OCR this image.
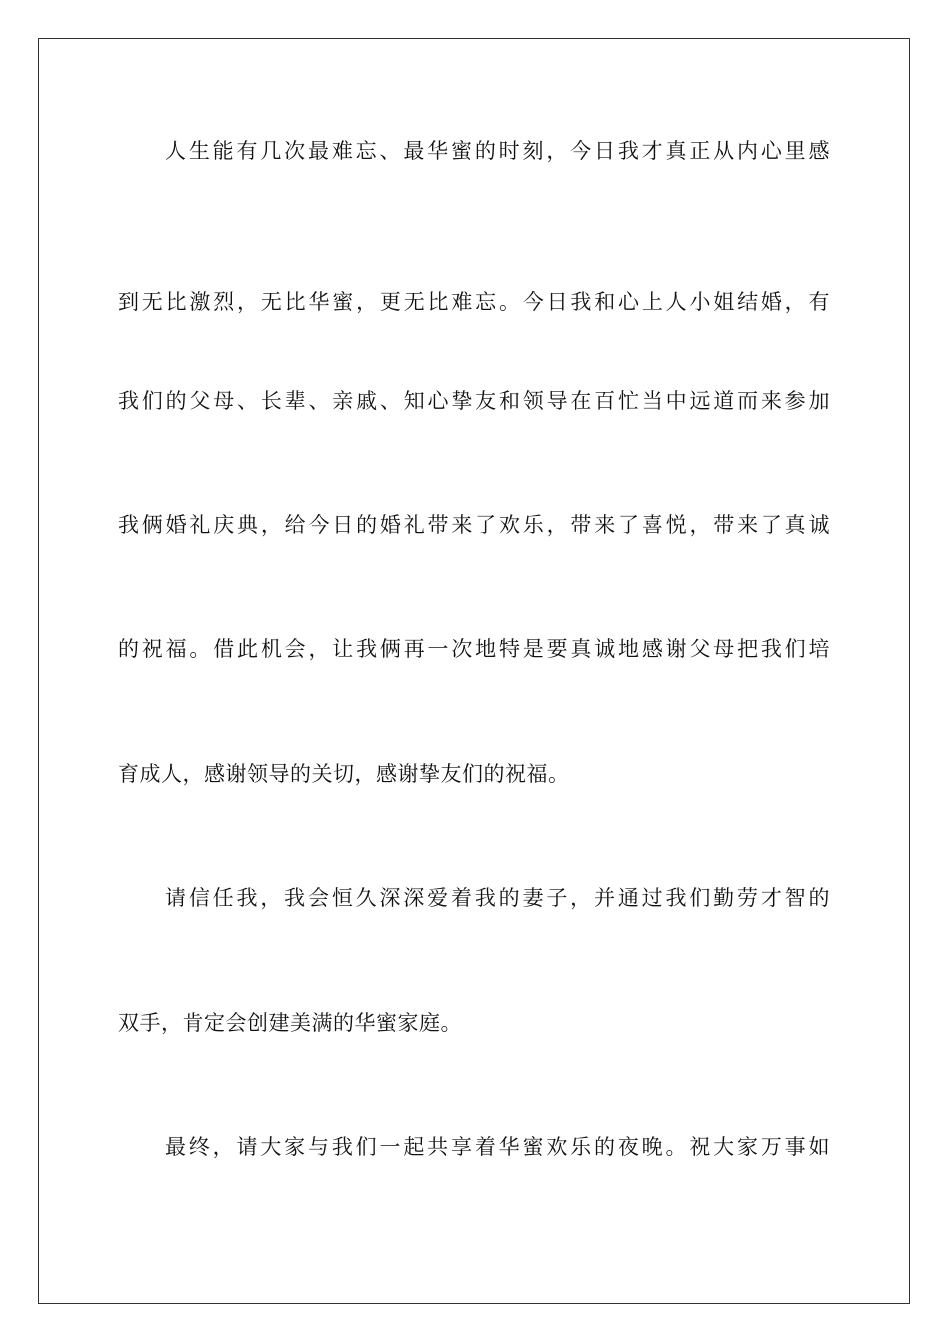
人生能有几次最难忘、最华蜜的时刻，今日我才真正从内心里感
到无比激烈，无比华蜜，更无比难忘。今日我和心上人小姐结婚，有
我们的父母、长辈、亲戚、知心挚友和领导在百忙当中远道而来参加
我俩婚礼庆典，给今日的婚礼带来了欢乐，带来了喜悦，带来了真诚
的祝福。借此机会，让我俩再一次地特是要真诚地感谢父母把我们培
育成人，感谢领导的关切，感谢挚友们的祝福。
请信任我，我会恒久深深爱着我的妻子，并通过我们勤劳才智的
双手，肯定会创建美满的华蜜家庭。
最终，请大家与我们一起共享着华蜜欢乐的夜晚。祝大家万事如
